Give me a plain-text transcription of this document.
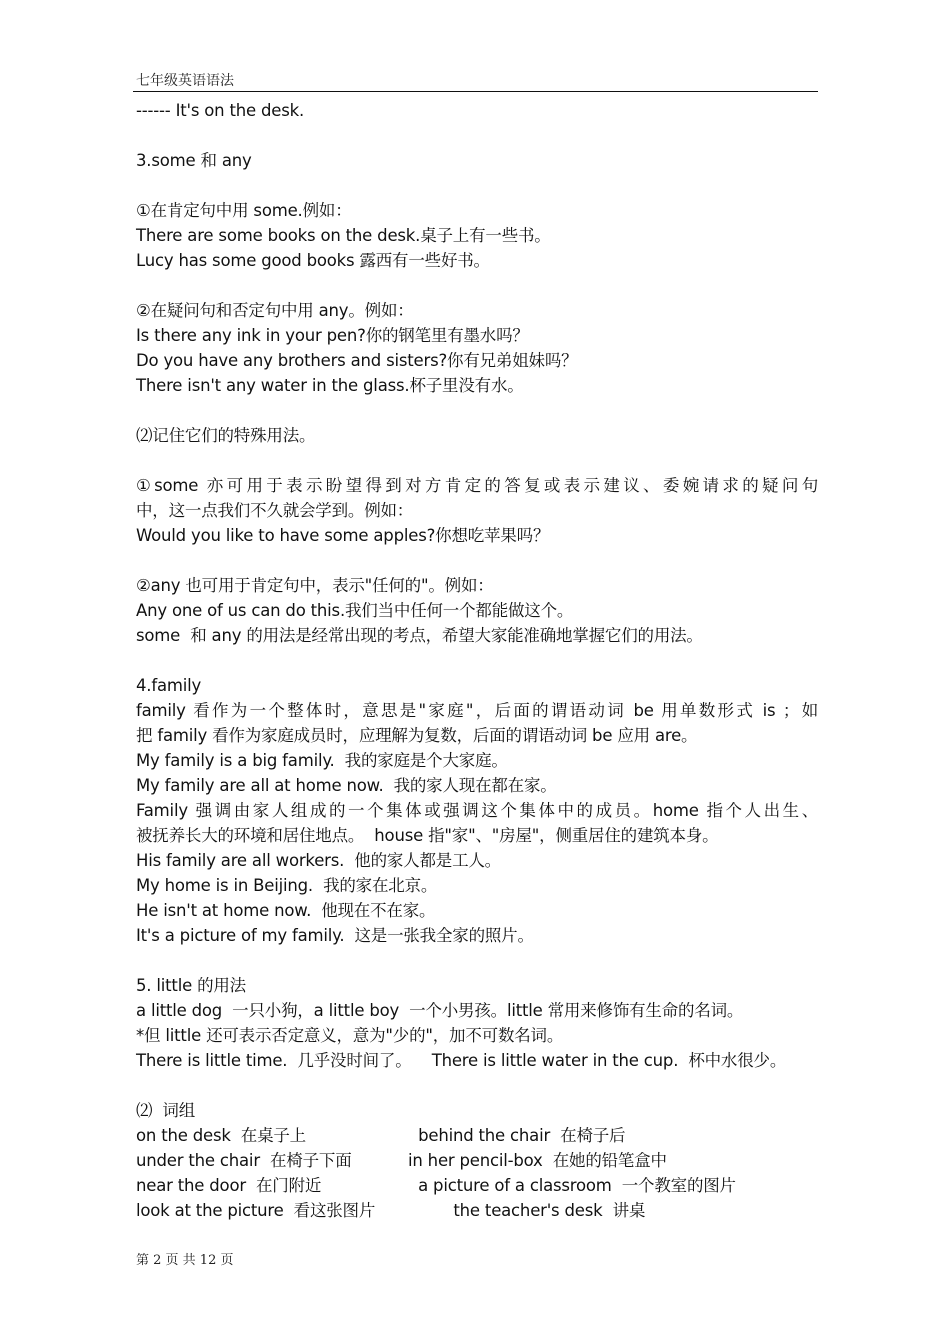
七年级英语语法
------ It's on the desk.
3.some 和 any
①在肯定句中用 some.例如：
There are some books on the desk.桌子上有一些书。
Lucy has some good books 露西有一些好书。
②在疑问句和否定句中用 any。例如：
Is there any ink in your pen?你的钢笔里有墨水吗？
Do you have any brothers and sisters?你有兄弟姐妹吗？
There isn't any water in the glass.杯子里没有水。
⑵记住它们的特殊用法。
①some 亦可用于表示盼望得到对方肯定的答复或表示建议、委婉请求的疑问句
中，这一点我们不久就会学到。例如：
Would you like to have some apples?你想吃苹果吗？
②any 也可用于肯定句中，表示"任何的"。例如：
Any one of us can do this.我们当中任何一个都能做这个。
some  和 any 的用法是经常出现的考点，希望大家能准确地掌握它们的用法。
4.family
family 看作为一个整体时，意思是"家庭"，后面的谓语动词 be 用单数形式 is ；如
把 family 看作为家庭成员时，应理解为复数，后面的谓语动词 be 应用 are。
My family is a big family.  我的家庭是个大家庭。
My family are all at home now.  我的家人现在都在家。
Family 强调由家人组成的一个集体或强调这个集体中的成员。home 指个人出生、
被抚养长大的环境和居住地点。  house 指"家"、"房屋"，侧重居住的建筑本身。
His family are all workers.  他的家人都是工人。
My home is in Beijing.  我的家在北京。
He isn't at home now.  他现在不在家。
It's a picture of my family.  这是一张我全家的照片。
5. little 的用法
a little dog  一只小狗，a little boy  一个小男孩。little 常用来修饰有生命的名词。
*但 little 还可表示否定意义，意为"少的"，加不可数名词。
There is little time.  几乎没时间了。    There is little water in the cup.  杯中水很少。
⑵  词组
on the desk  在桌子上	behind the chair  在椅子后
under the chair  在椅子下面	in her pencil-box  在她的铅笔盒中
near the door  在门附近	a picture of a classroom  一个教室的图片
look at the picture  看这张图片	the teacher's desk  讲桌
第 2 页 共 12 页
